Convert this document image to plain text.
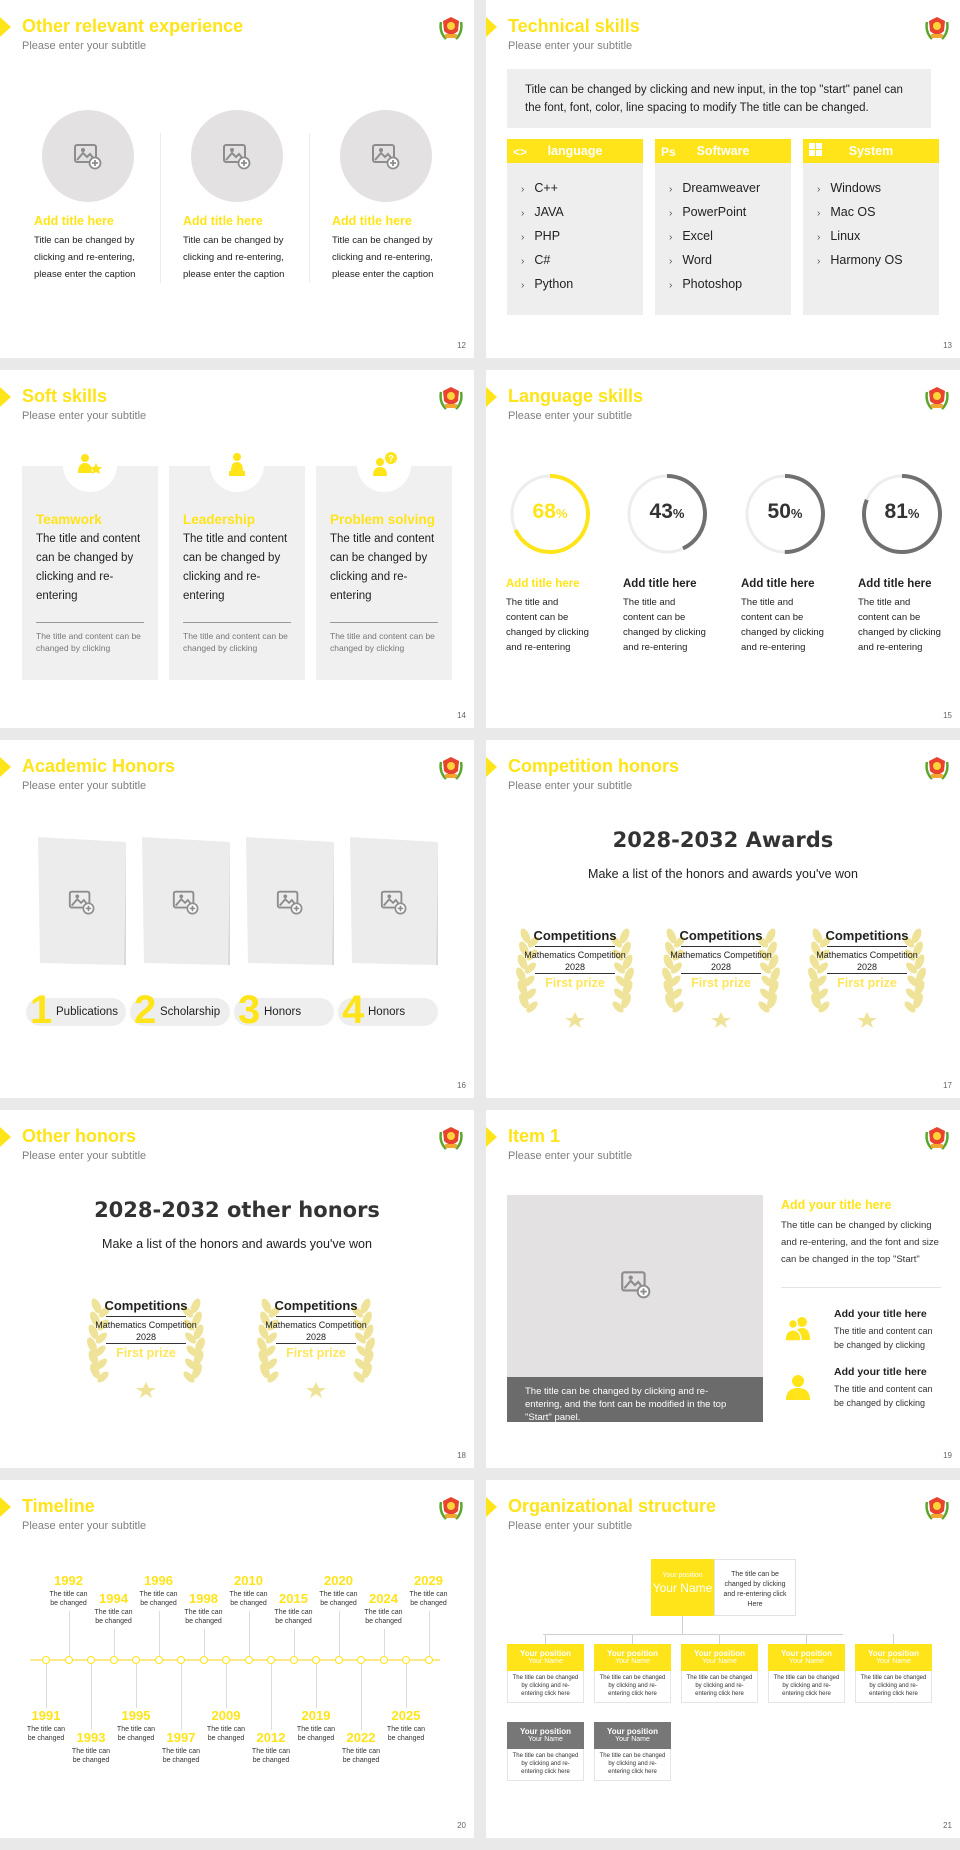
Other relevant experience
Please enter your subtitle
Add title here
Title can be changed by clicking and re-entering, please enter the caption
Add title here
Title can be changed by clicking and re-entering, please enter the caption
Add title here
Title can be changed by clicking and re-entering, please enter the caption
12
Technical skills
Please enter your subtitle
Title can be changed by clicking and new input, in the top "start" panel can the font, font, color, line spacing to modify The title can be changed.
<>	language
› C++
› JAVA
› PHP
› C#
› Python
Ps	Software
› Dreamweaver
› PowerPoint
› Excel
› Word
› Photoshop
System
› Windows
› Mac OS
› Linux
› Harmony OS
13
Soft skills
Please enter your subtitle
Teamwork
The title and content can be changed by clicking and re-entering
The title and content can be changed by clicking
Leadership
The title and content can be changed by clicking and re-entering
The title and content can be changed by clicking
Problem solving
The title and content can be changed by clicking and re-entering
The title and content can be changed by clicking
?
14
Language skills
Please enter your subtitle
68%
Add title here
The title and content can be changed by clicking and re-entering
43%
Add title here
The title and content can be changed by clicking and re-entering
50%
Add title here
The title and content can be changed by clicking and re-entering
81%
Add title here
The title and content can be changed by clicking and re-entering
15
Academic Honors
Please enter your subtitle
1 Publications 2 Scholarship 3 Honors 4 Honors
16
Competition honors
Please enter your subtitle
2028-2032 Awards
Make a list of the honors and awards you've won
Competitions
Mathematics Competition
2028
First prize
Competitions
Mathematics Competition
2028
First prize
Competitions
Mathematics Competition
2028
First prize
17
Other honors
Please enter your subtitle
2028-2032 other honors
Make a list of the honors and awards you've won
Competitions
Mathematics Competition
2028
First prize
Competitions
Mathematics Competition
2028
First prize
18
Item 1
Please enter your subtitle
The title can be changed by clicking and re-entering, and the font can be modified in the top "Start" panel.
Add your title here
The title can be changed by clicking and re-entering, and the font and size can be changed in the top "Start"
Add your title here
The title and content can be changed by clicking
Add your title here
The title and content can be changed by clicking
19
Timeline
Please enter your subtitle
1991
The title can be changed 1993
The title can be changed
1995
The title can be changed 1997
The title can be changed
2009
The title can be changed 2012
The title can be changed
2019
The title can be changed 2022
The title can be changed
2025
The title can be changed
1992
The title can be changed 1994
The title can be changed
1996
The title can be changed 1998
The title can be changed
2010
The title can be changed 2015
The title can be changed
2020
The title can be changed 2024
The title can be changed
2029
The title can be changed
20
Organizational structure
Please enter your subtitle
Your position
Your Name
The title can be changed by clicking and re-entering click Here
Your position
Your Name
The title can be changed by clicking and re-entering click here
Your position
Your Name
The title can be changed by clicking and re-entering click here
Your position
Your Name
The title can be changed by clicking and re-entering click here
Your position
Your Name
The title can be changed by clicking and re-entering click here
Your position
Your Name
The title can be changed by clicking and re-entering click here
Your position
Your Name
The title can be changed by clicking and re-entering click here
Your position
Your Name
The title can be changed by clicking and re-entering click here
21
